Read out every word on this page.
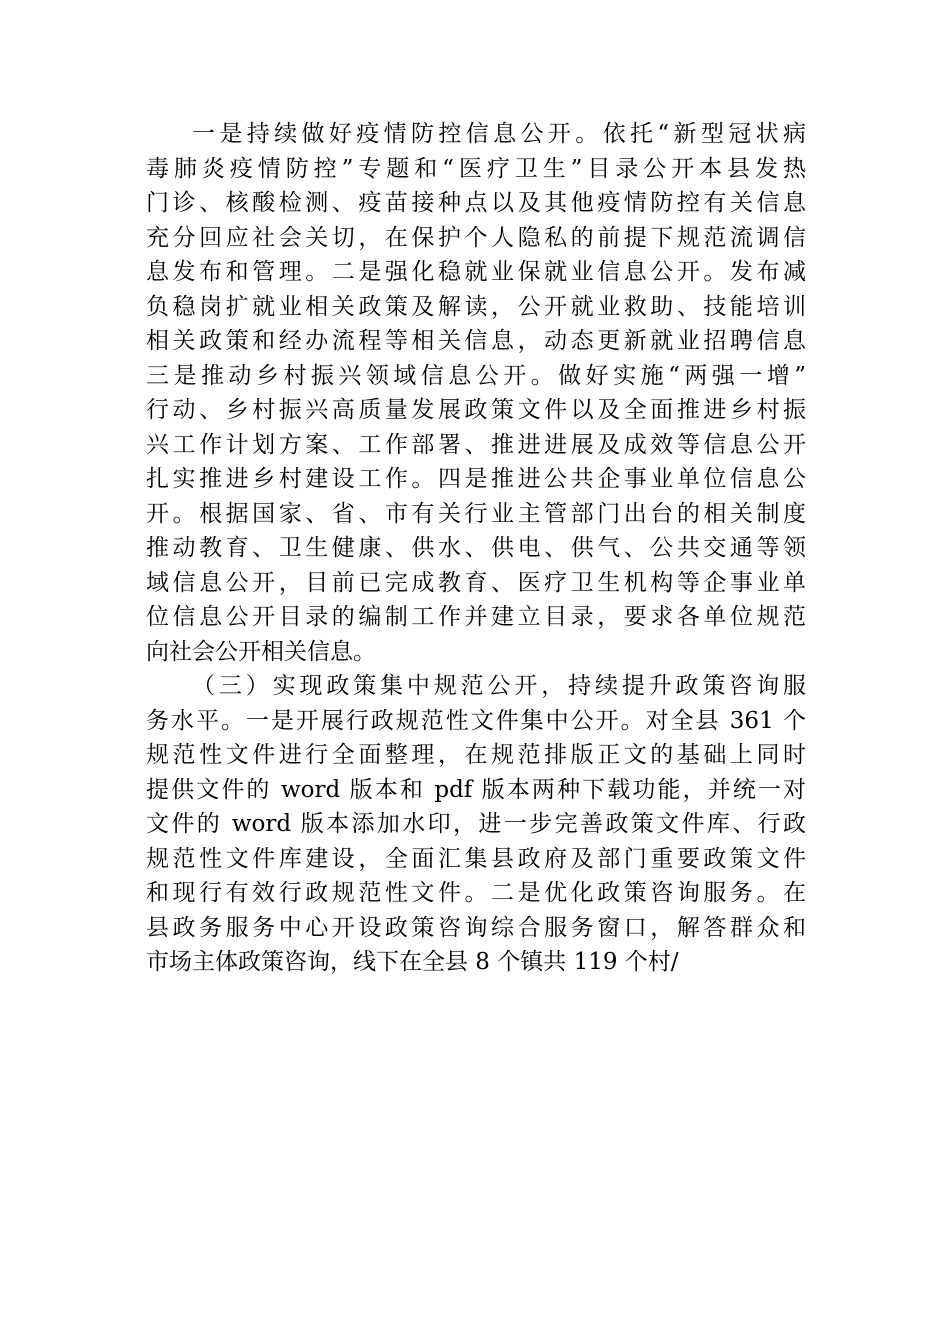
一是持续做好疫情防控信息公开。依托“新型冠状病
毒肺炎疫情防控”专题和“医疗卫生”目录公开本县发热
门诊、核酸检测、疫苗接种点以及其他疫情防控有关信息
充分回应社会关切，在保护个人隐私的前提下规范流调信
息发布和管理。二是强化稳就业保就业信息公开。发布减
负稳岗扩就业相关政策及解读，公开就业救助、技能培训
相关政策和经办流程等相关信息，动态更新就业招聘信息
三是推动乡村振兴领域信息公开。做好实施“两强一增”
行动、乡村振兴高质量发展政策文件以及全面推进乡村振
兴工作计划方案、工作部署、推进进展及成效等信息公开
扎实推进乡村建设工作。四是推进公共企事业单位信息公
开。根据国家、省、市有关行业主管部门出台的相关制度
推动教育、卫生健康、供水、供电、供气、公共交通等领
域信息公开，目前已完成教育、医疗卫生机构等企事业单
位信息公开目录的编制工作并建立目录，要求各单位规范
向社会公开相关信息。
（三）实现政策集中规范公开，持续提升政策咨询服
务水平。一是开展行政规范性文件集中公开。对全县 361 个
规范性文件进行全面整理，在规范排版正文的基础上同时
提供文件的 word 版本和 pdf 版本两种下载功能，并统一对
文件的 word 版本添加水印，进一步完善政策文件库、行政
规范性文件库建设，全面汇集县政府及部门重要政策文件
和现行有效行政规范性文件。二是优化政策咨询服务。在
县政务服务中心开设政策咨询综合服务窗口，解答群众和
市场主体政策咨询，线下在全县 8 个镇共 119 个村/
